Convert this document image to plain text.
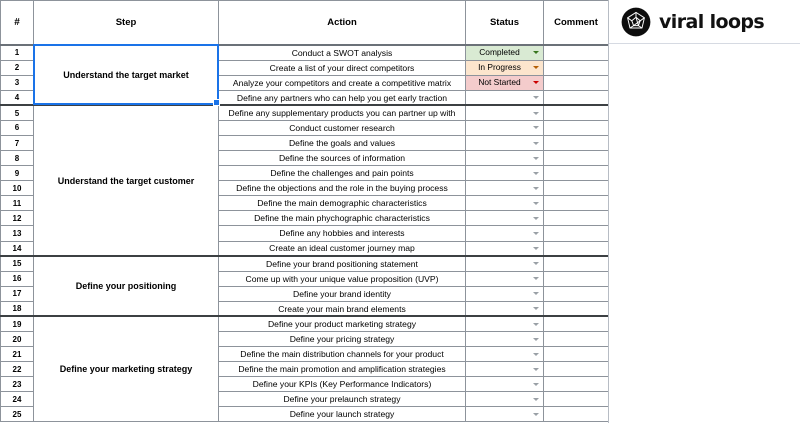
#	Step	Action	Status	Comment
1	Understand the target market	Conduct a SWOT analysis	Completed	

2		Create a list of your direct competitors	In Progress	

3		Analyze your competitors and create a competitive matrix	Not Started	

4		Define any partners who can help you get early traction	

5	Understand the target customer	Define any supplementary products you can partner up with	

6		Conduct customer research	

7		Define the goals and values	

8		Define the sources of information	

9		Define the challenges and pain points	

10		Define the objections and the role in the buying process	

11		Define the main demographic characteristics	

12		Define the main phychographic characteristics	

13		Define any hobbies and interests	

14		Create an ideal customer journey map	

15	Define your positioning	Define your brand positioning statement	

16		Come up with your unique value proposition (UVP)	

17		Define your brand identity	

18		Create your main brand elements	

19	Define your marketing strategy	Define your product marketing strategy	

20		Define your pricing strategy	

21		Define the main distribution channels for your product	

22		Define the main promotion and amplification strategies	

23		Define your KPIs (Key Performance Indicators)	

24		Define your prelaunch strategy	

25		Define your launch strategy	

viral loops
